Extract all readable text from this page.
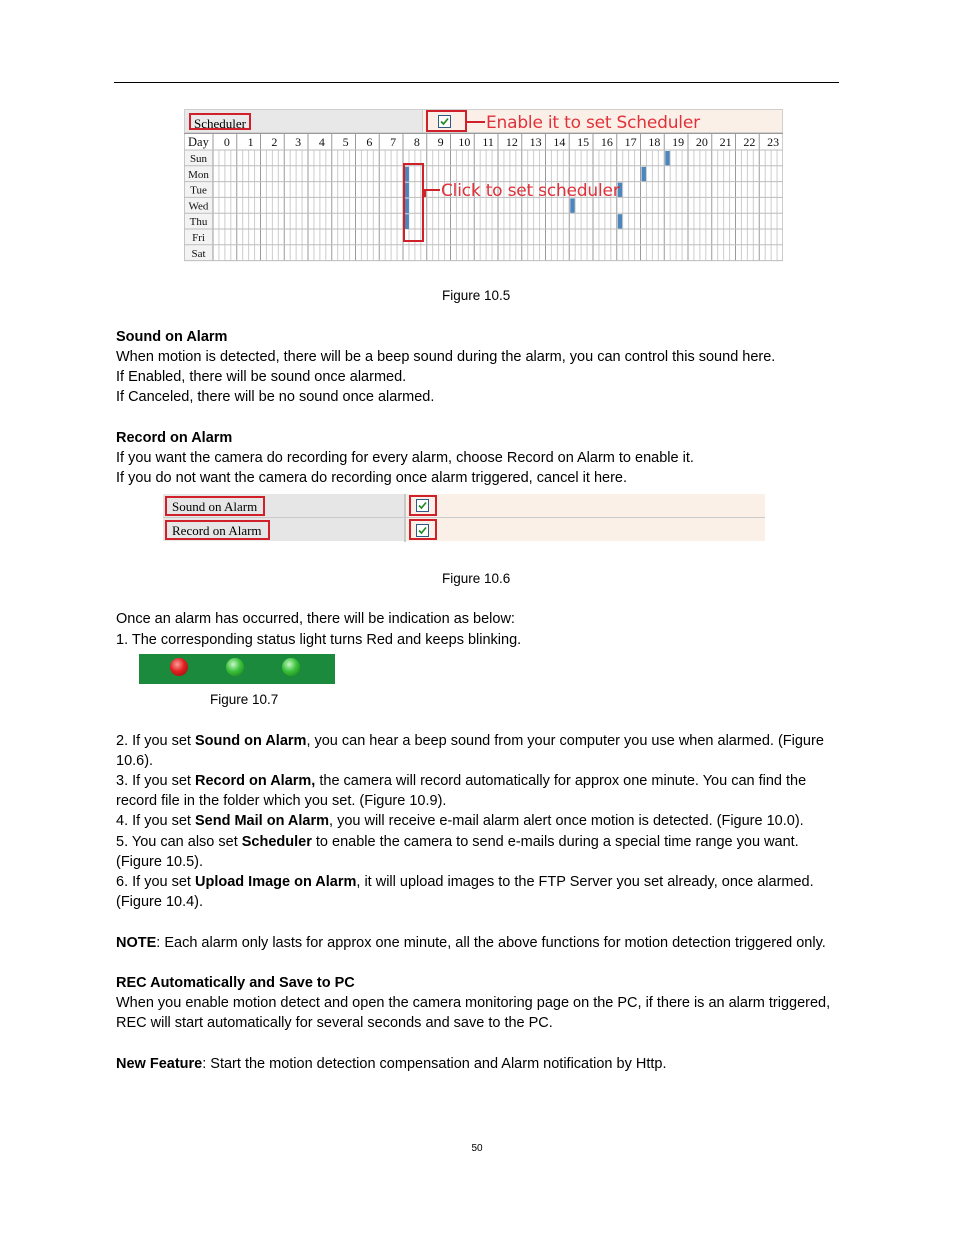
Scheduler	Enable it to set Scheduler
Day 0 1 2 3 4 5 6 7 8 9 10 11 12 13 14 15 16 17 18 19 20 21 22 23
Sun
Mon
Tue
Wed
Thu
Fri
Sat
Click to set scheduler
Figure 10.5
Sound on Alarm
When motion is detected, there will be a beep sound during the alarm, you can control this sound here.
If Enabled, there will be sound once alarmed.
If Canceled, there will be no sound once alarmed.
Record on Alarm
If you want the camera do recording for every alarm, choose Record on Alarm to enable it.
If you do not want the camera do recording once alarm triggered, cancel it here.
Sound on Alarm
Record on Alarm
Figure 10.6
Once an alarm has occurred, there will be indication as below:
1. The corresponding status light turns Red and keeps blinking.
Figure 10.7
2. If you set Sound on Alarm, you can hear a beep sound from your computer you use when alarmed. (Figure
10.6).
3. If you set Record on Alarm, the camera will record automatically for approx one minute. You can find the
record file in the folder which you set. (Figure 10.9).
4. If you set Send Mail on Alarm, you will receive e-mail alarm alert once motion is detected. (Figure 10.0).
5. You can also set Scheduler to enable the camera to send e-mails during a special time range you want.
(Figure 10.5).
6. If you set Upload Image on Alarm, it will upload images to the FTP Server you set already, once alarmed.
(Figure 10.4).
NOTE: Each alarm only lasts for approx one minute, all the above functions for motion detection triggered only.
REC Automatically and Save to PC
When you enable motion detect and open the camera monitoring page on the PC, if there is an alarm triggered,
REC will start automatically for several seconds and save to the PC.
New Feature: Start the motion detection compensation and Alarm notification by Http.
50
